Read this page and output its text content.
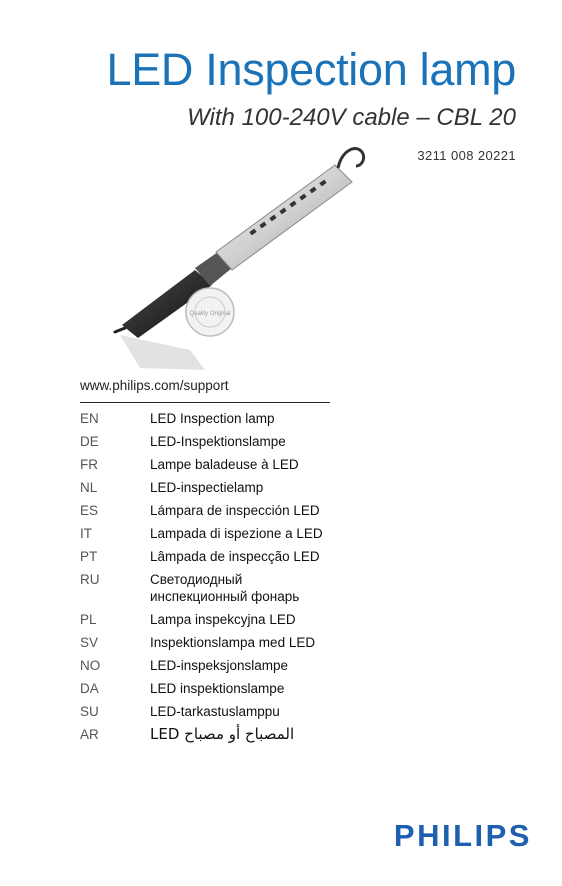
LED Inspection lamp
With 100-240V cable – CBL 20
3211 008 20221
Quality Original
www.philips.com/support
EN	LED Inspection lamp
DE	LED-Inspektionslampe
FR	Lampe baladeuse à LED
NL	LED-inspectielamp
ES	Lámpara de inspección LED
IT	Lampada di ispezione a LED
PT	Lâmpada de inspecção LED
RU	Светодиодный
инспекционный фонарь
PL	Lampa inspekcyjna LED
SV	Inspektionslampa med LED
NO	LED-inspeksjonslampe
DA	LED inspektionslampe
SU	LED-tarkastuslamppu
AR	LED المصباح أو مصباح
PHILIPS
